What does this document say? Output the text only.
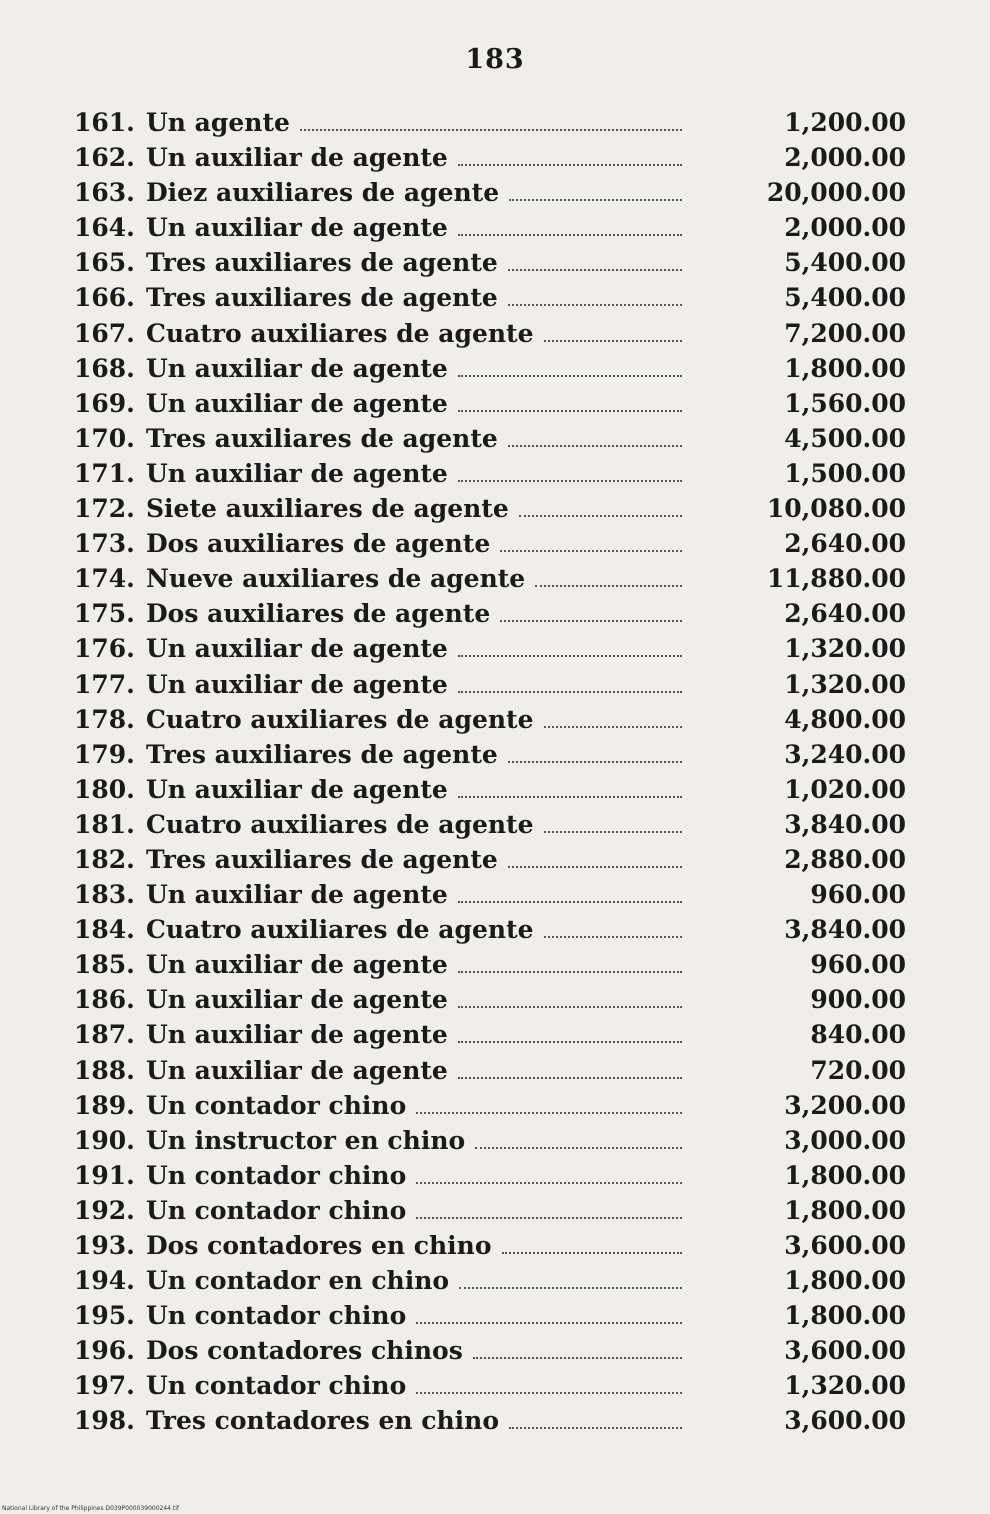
183
161. Un agente	1,200.00
162. Un auxiliar de agente	2,000.00
163. Diez auxiliares de agente	20,000.00
164. Un auxiliar de agente	2,000.00
165. Tres auxiliares de agente	5,400.00
166. Tres auxiliares de agente	5,400.00
167. Cuatro auxiliares de agente	7,200.00
168. Un auxiliar de agente	1,800.00
169. Un auxiliar de agente	1,560.00
170. Tres auxiliares de agente	4,500.00
171. Un auxiliar de agente	1,500.00
172. Siete auxiliares de agente	10,080.00
173. Dos auxiliares de agente	2,640.00
174. Nueve auxiliares de agente	11,880.00
175. Dos auxiliares de agente	2,640.00
176. Un auxiliar de agente	1,320.00
177. Un auxiliar de agente	1,320.00
178. Cuatro auxiliares de agente	4,800.00
179. Tres auxiliares de agente	3,240.00
180. Un auxiliar de agente	1,020.00
181. Cuatro auxiliares de agente	3,840.00
182. Tres auxiliares de agente	2,880.00
183. Un auxiliar de agente	960.00
184. Cuatro auxiliares de agente	3,840.00
185. Un auxiliar de agente	960.00
186. Un auxiliar de agente	900.00
187. Un auxiliar de agente	840.00
188. Un auxiliar de agente	720.00
189. Un contador chino	3,200.00
190. Un instructor en chino	3,000.00
191. Un contador chino	1,800.00
192. Un contador chino	1,800.00
193. Dos contadores en chino	3,600.00
194. Un contador en chino	1,800.00
195. Un contador chino	1,800.00
196. Dos contadores chinos	3,600.00
197. Un contador chino	1,320.00
198. Tres contadores en chino	3,600.00
National Library of the Philippines D039P000039000244.tif
